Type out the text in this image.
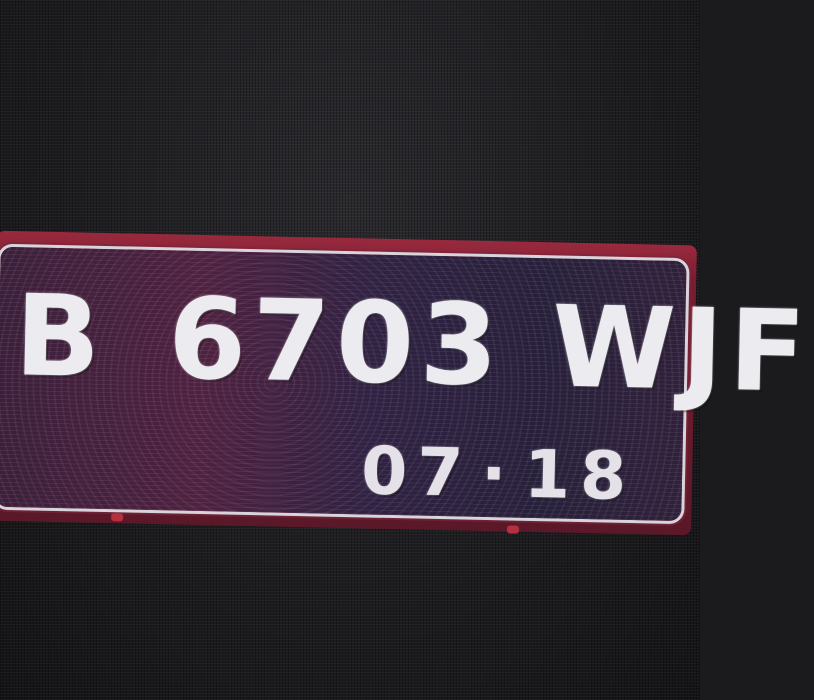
B 6703 WJF
07·18
